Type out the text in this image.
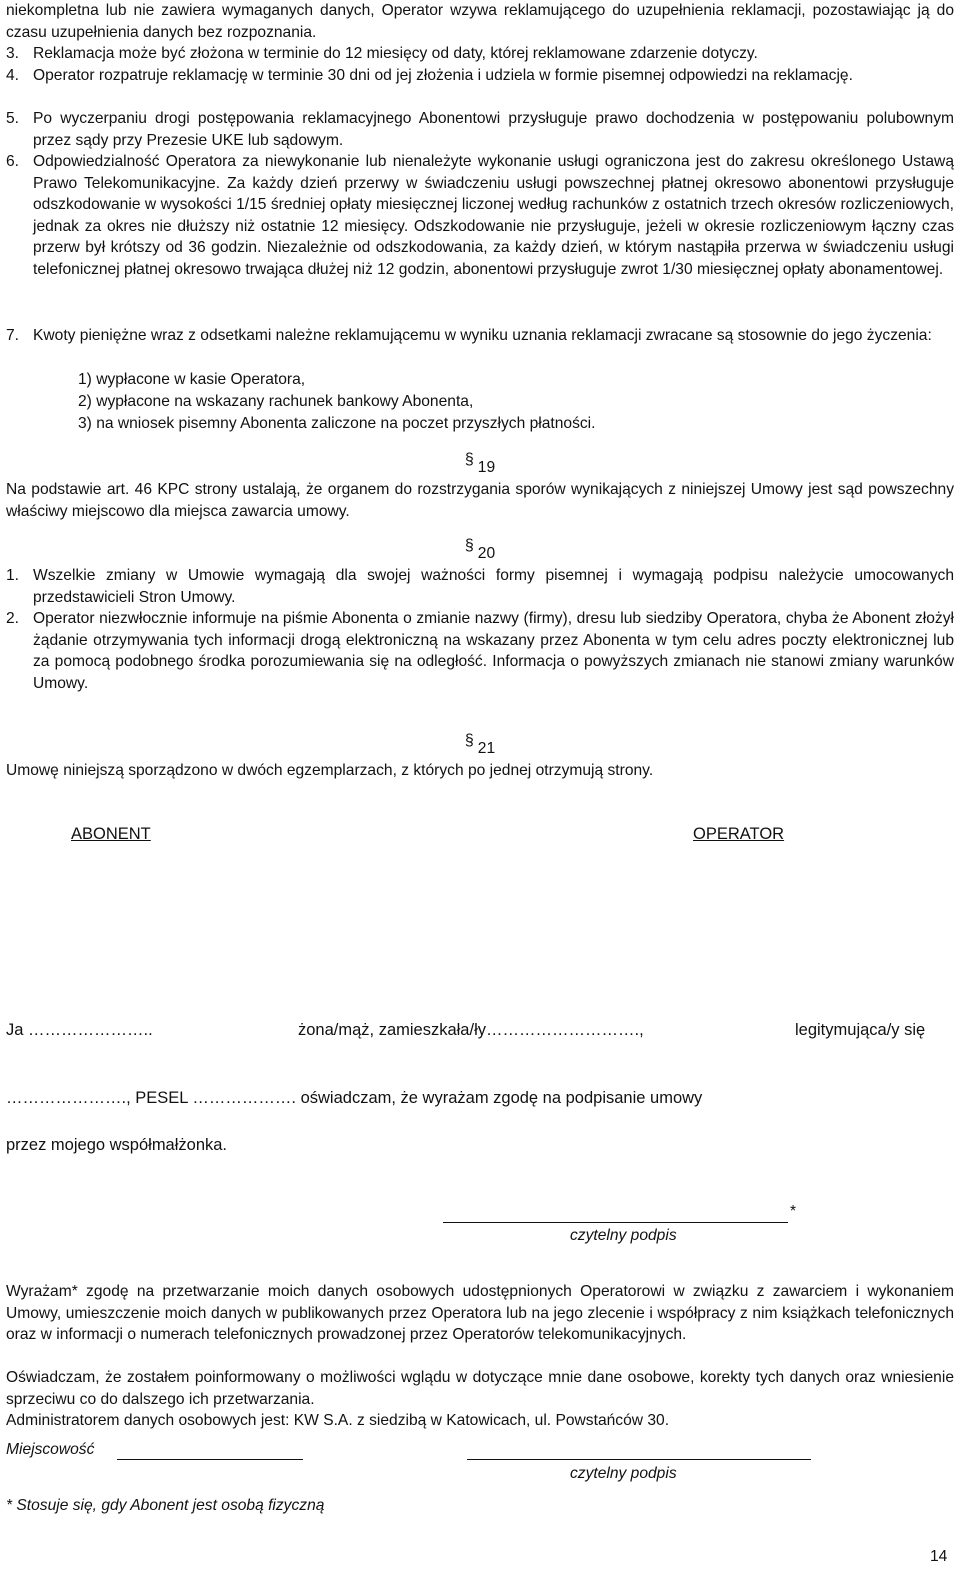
niekompletna lub nie zawiera wymaganych danych, Operator wzywa reklamującego do uzupełnienia reklamacji, pozostawiając ją do czasu uzupełnienia danych bez rozpoznania.

3. Reklamacja może być złożona w terminie do 12 miesięcy od daty, której reklamowane zdarzenie dotyczy.
4. Operator rozpatruje reklamację w terminie 30 dni od jej złożenia i udziela w formie pisemnej odpowiedzi na reklamację.
5. Po wyczerpaniu drogi postępowania reklamacyjnego Abonentowi przysługuje prawo dochodzenia w postępowaniu polubownym przez sądy przy Prezesie UKE lub sądowym.
6. Odpowiedzialność Operatora za niewykonanie lub nienależyte wykonanie usługi ograniczona jest do zakresu określonego Ustawą Prawo Telekomunikacyjne. Za każdy dzień przerwy w świadczeniu usługi powszechnej płatnej okresowo abonentowi przysługuje odszkodowanie w wysokości 1/15 średniej opłaty miesięcznej liczonej według rachunków z ostatnich trzech okresów rozliczeniowych, jednak za okres nie dłuższy niż ostatnie 12 miesięcy. Odszkodowanie nie przysługuje, jeżeli w okresie rozliczeniowym łączny czas przerw był krótszy od 36 godzin. Niezależnie od odszkodowania, za każdy dzień, w którym nastąpiła przerwa w świadczeniu usługi telefonicznej płatnej okresowo trwająca dłużej niż 12 godzin, abonentowi przysługuje zwrot 1/30 miesięcznej opłaty abonamentowej.
7. Kwoty pieniężne wraz z odsetkami należne reklamującemu w wyniku uznania reklamacji zwracane są stosownie do jego życzenia:

1) wypłacone w kasie Operatora,

2) wypłacone na wskazany rachunek bankowy Abonenta,

3) na wniosek pisemny Abonenta zaliczone na poczet przyszłych płatności.

§ 19

Na podstawie art. 46 KPC strony ustalają, że organem do rozstrzygania sporów wynikających z niniejszej Umowy jest sąd powszechny właściwy miejscowo dla miejsca zawarcia umowy.

§ 20
1. Wszelkie zmiany w Umowie wymagają dla swojej ważności formy pisemnej i wymagają podpisu należycie umocowanych przedstawicieli Stron Umowy.
2. Operator niezwłocznie informuje na piśmie Abonenta o zmianie nazwy (firmy), dresu lub siedziby Operatora, chyba że Abonent złożył żądanie otrzymywania tych informacji drogą elektroniczną na wskazany przez Abonenta w tym celu adres poczty elektronicznej lub za pomocą podobnego środka porozumiewania się na odległość. Informacja o powyższych zmianach nie stanowi zmiany warunków Umowy.
§ 21

Umowę niniejszą sporządzono w dwóch egzemplarzach, z których po jednej otrzymują strony.

ABONENT	OPERATOR
Ja …………………..	żona/mąż, zamieszkała/ły……………………….,	legitymująca/y się
…………………., PESEL ………………. oświadczam, że wyrażam zgodę na podpisanie umowy
przez mojego współmałżonka.
*
czytelny podpis

Wyrażam* zgodę na przetwarzanie moich danych osobowych udostępnionych Operatorowi w związku z zawarciem i wykonaniem Umowy, umieszczenie moich danych w publikowanych przez Operatora lub na jego zlecenie i współpracy z nim książkach telefonicznych oraz w informacji o numerach telefonicznych prowadzonej przez Operatorów telekomunikacyjnych.

Oświadczam, że zostałem poinformowany o możliwości wglądu w dotyczące mnie dane osobowe, korekty tych danych oraz wniesienie sprzeciwu co do dalszego ich przetwarzania.

Administratorem danych osobowych jest: KW S.A. z siedzibą w Katowicach, ul. Powstańców 30.

Miejscowość
czytelny podpis
* Stosuje się, gdy Abonent jest osobą fizyczną
14
